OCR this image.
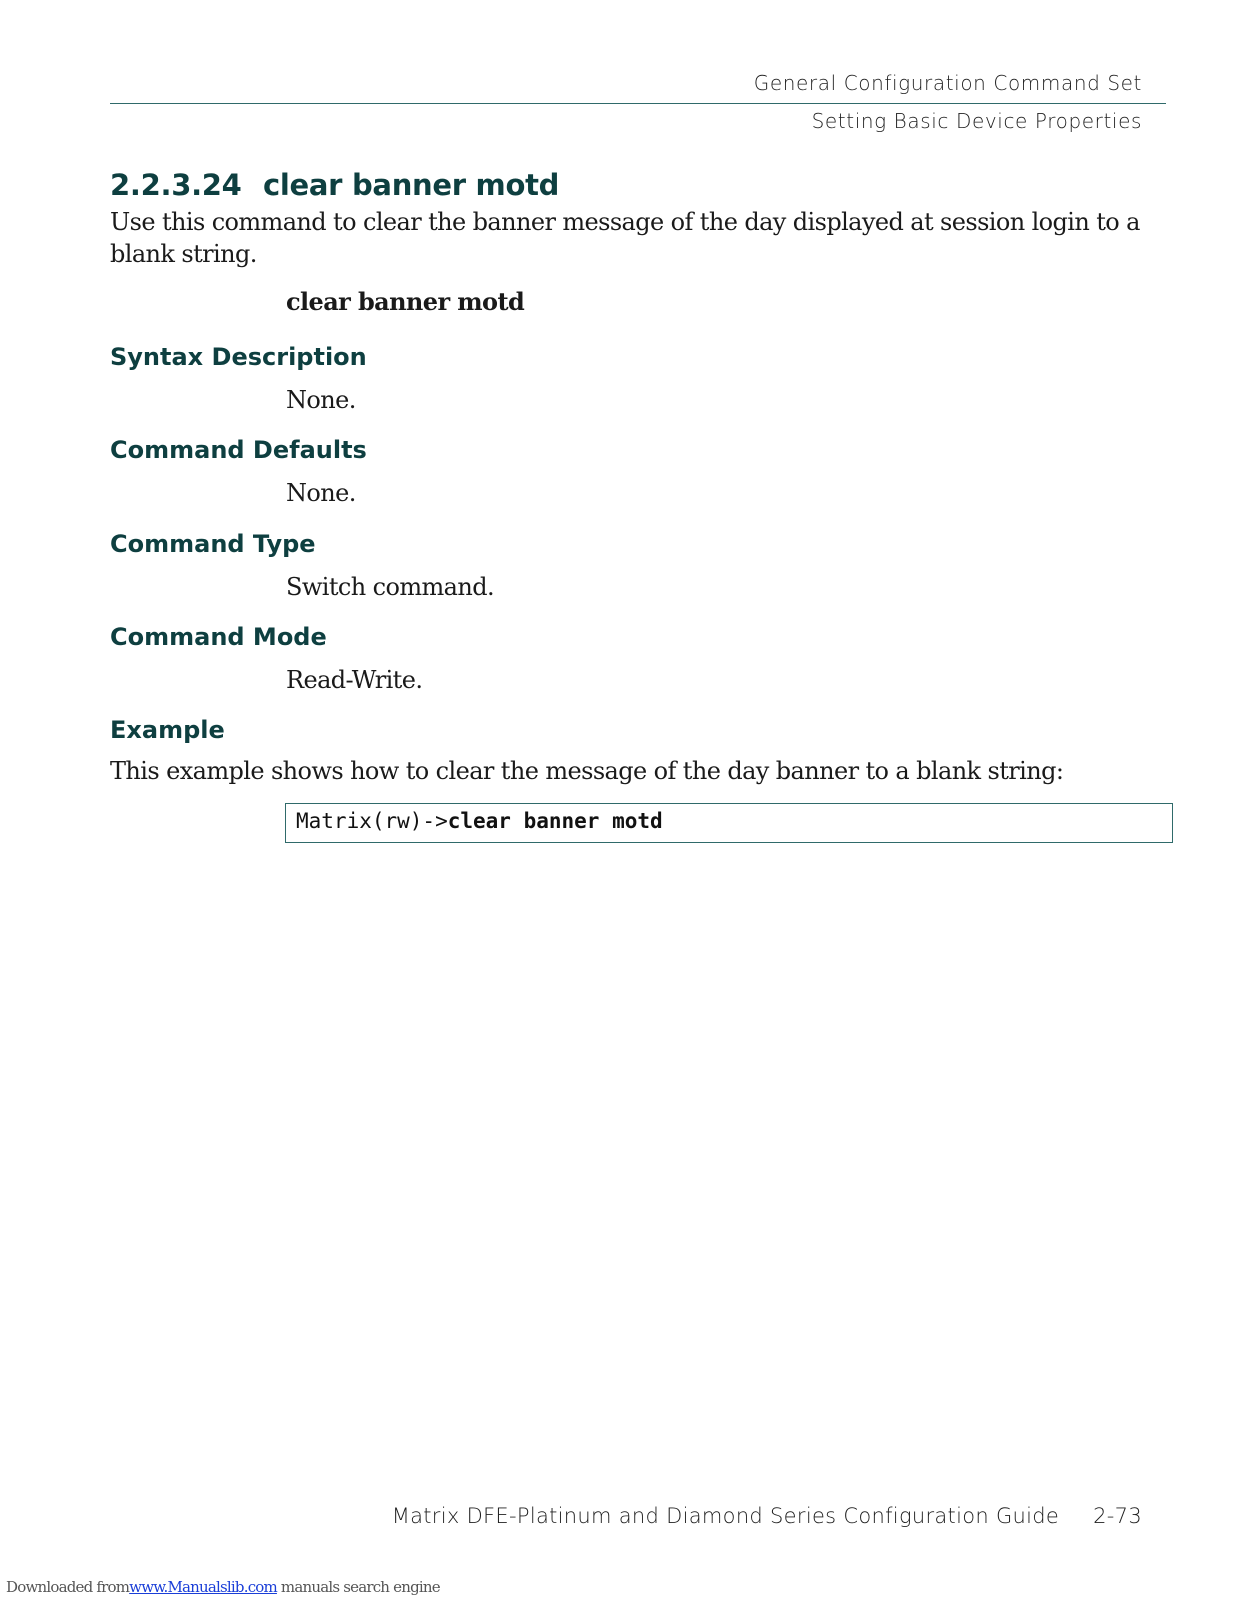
General Configuration Command Set
Setting Basic Device Properties
2.2.3.24 clear banner motd

Use this command to clear the banner message of the day displayed at session login to a blank string.

clear banner motd

Syntax Description

None.

Command Defaults

None.

Command Type

Switch command.

Command Mode

Read-Write.

Example

This example shows how to clear the message of the day banner to a blank string:

Matrix(rw)->clear banner motd
Matrix DFE-Platinum and Diamond Series Configuration Guide 2-73
Downloaded fromwww.Manualslib.com manuals search engine
